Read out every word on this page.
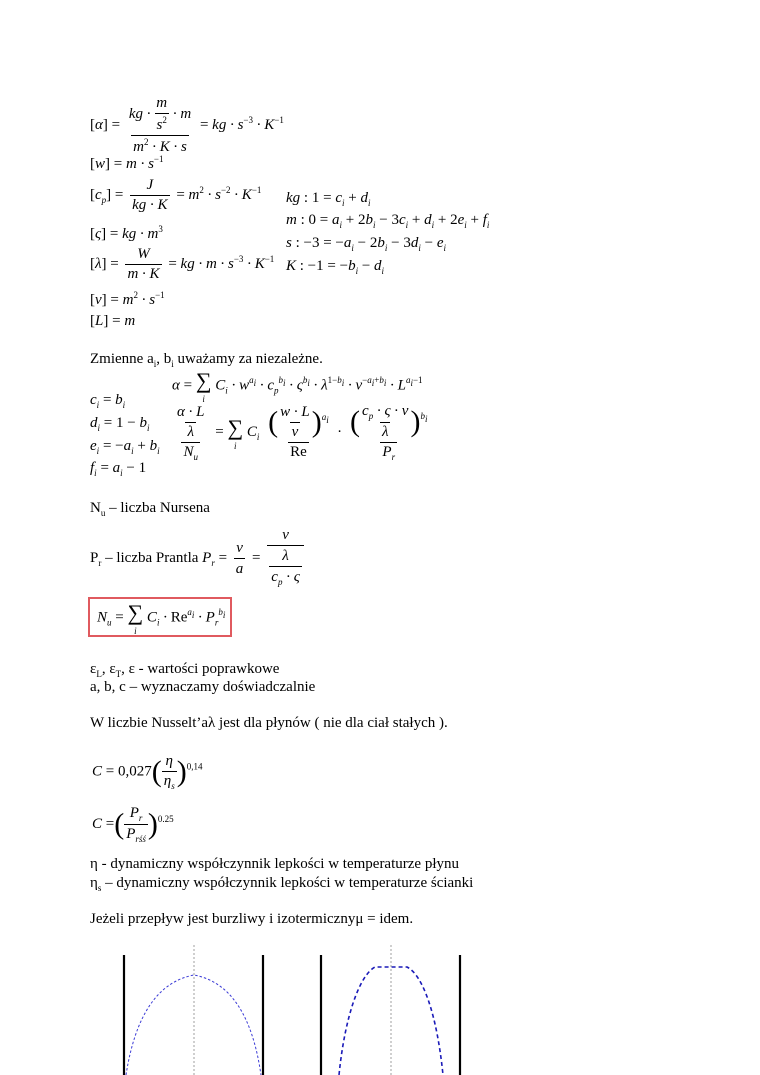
$[\alpha] = \frac{kg \cdot \frac{m}{s^2} \cdot m}{m^2 \cdot K \cdot s}$ = kg · $s^{-3} \cdot K^{-1}$
$[w] = m \cdot s^{-1}$
$[c_p] = \frac{J}{kg \cdot K} = m^2 \cdot s^{-2} \cdot K^{-1}$
[ς] = kg · $m^3$
$[\lambda] = \frac{W}{m \cdot K}$ = kg · $m \cdot s^{-3} \cdot K^{-1}$
$[\nu] = m^2 \cdot s^{-1}$
[L] = m
kg : $1 = c_i + d_i$
m : $0 = a_i + 2b_i - 3c_i + d_i + 2e_i + f_i$
s : $-3 = -a_i - 2b_i - 3d_i - e_i$
K : $-1 = -b_i - d_i$
Zmienne $a_i$, $b_i$ uważamy za niezależne.
α = ∑
i
$C_i \cdot w^{a_i} \cdot c_p^{b_i} \cdot \varsigma^{b_i} \cdot \lambda^{1-b_i} \cdot \nu^{-a_i+b_i} \cdot L^{a_i-1}$
$c_i = b_i$
$d_i = 1 - b_i$
$e_i = -a_i + b_i$
$f_i = a_i - 1$
$\frac{\frac{\alpha \cdot L}{\lambda}}{N_u}$ = ∑
i
$C_i \frac{( \frac{w \cdot L}{\nu} )^{a_i}}{Re} \cdot \frac{( \frac{c_p \cdot \varsigma \cdot \nu}{\lambda} )^{b_i}}{P_r}$
$N_u$ – liczba Nursena
$P_r$ – liczba Prantla $P_r = \frac{\nu}{a} = \frac{\nu}{\frac{\lambda}{c_p \cdot \varsigma}}$
$N_u$ = ∑
i
$C_i \cdot Re^{a_i} \cdot P_r^{b_i}$
$\varepsilon_L$, $\varepsilon_T$, ε - wartości poprawkowe
a, b, c – wyznaczamy doświadczalnie
W liczbie Nusselt’aλ jest dla płynów ( nie dla ciał stałych ).
$C = 0,027( \frac{\eta}{\eta_s} )^{0,14}$
C =( $\frac{P_r}{P_{rśś}} )^{0.25}$
η - dynamiczny współczynnik lepkości w temperaturze płynu
$\eta_s$ – dynamiczny współczynnik lepkości w temperaturze ścianki
Jeżeli przepływ jest burzliwy i izotermicznyμ = idem.
